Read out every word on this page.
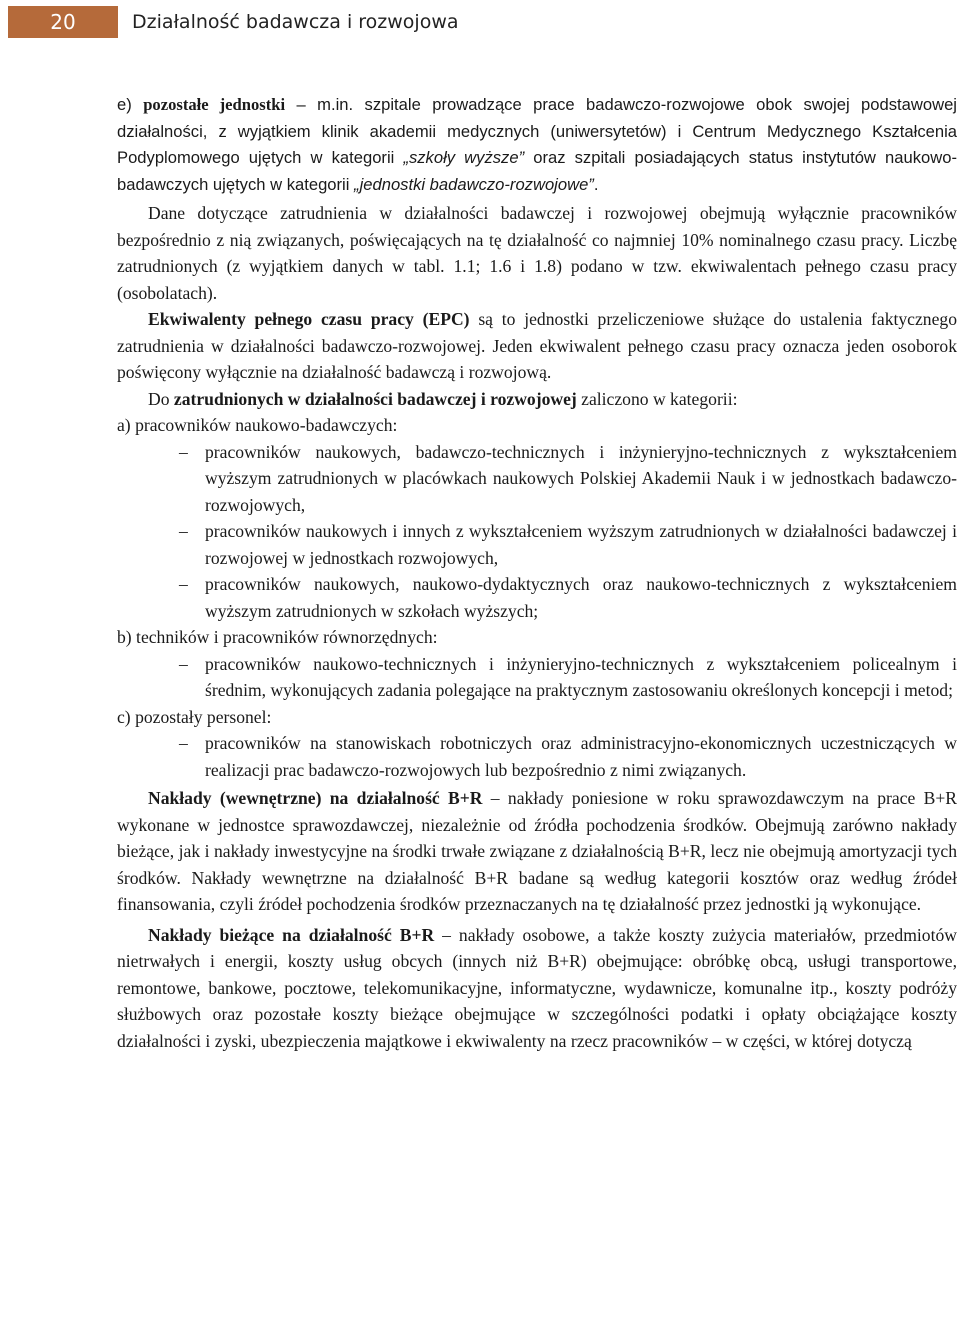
20	Działalność badawcza i rozwojowa

e) pozostałe jednostki – m.in. szpitale prowadzące prace badawczo-rozwojowe obok swojej podstawowej działalności, z wyjątkiem klinik akademii medycznych (uniwersytetów) i Centrum Medycznego Kształcenia Podyplomowego ujętych w kategorii „szkoły wyższe” oraz szpitali posiadających status instytutów naukowo-badawczych ujętych w kategorii „jednostki badawczo-rozwojowe”.

Dane dotyczące zatrudnienia w działalności badawczej i rozwojowej obejmują wyłącznie pracowników bezpośrednio z nią związanych, poświęcających na tę działalność co najmniej 10% nominalnego czasu pracy. Liczbę zatrudnionych (z wyjątkiem danych w tabl. 1.1; 1.6 i 1.8) podano w tzw. ekwiwalentach pełnego czasu pracy (osobolatach).

Ekwiwalenty pełnego czasu pracy (EPC) są to jednostki przeliczeniowe służące do ustalenia faktycznego zatrudnienia w działalności badawczo-rozwojowej. Jeden ekwiwalent pełnego czasu pracy oznacza jeden osoborok poświęcony wyłącznie na działalność badawczą i rozwojową.

Do zatrudnionych w działalności badawczej i rozwojowej zaliczono w kategorii:

a) pracowników naukowo-badawczych:

– pracowników naukowych, badawczo-technicznych i inżynieryjno-technicznych z wykształceniem wyższym zatrudnionych w placówkach naukowych Polskiej Akademii Nauk i w jednostkach badawczo-rozwojowych,

– pracowników naukowych i innych z wykształceniem wyższym zatrudnionych w działalności badawczej i rozwojowej w jednostkach rozwojowych,

– pracowników naukowych, naukowo-dydaktycznych oraz naukowo-technicznych z wykształceniem wyższym zatrudnionych w szkołach wyższych;

b) techników i pracowników równorzędnych:

– pracowników naukowo-technicznych i inżynieryjno-technicznych z wykształceniem policealnym i średnim, wykonujących zadania polegające na praktycznym zastosowaniu określonych koncepcji i metod;

c) pozostały personel:

– pracowników na stanowiskach robotniczych oraz administracyjno-ekonomicznych uczestniczących w realizacji prac badawczo-rozwojowych lub bezpośrednio z nimi związanych.

Nakłady (wewnętrzne) na działalność B+R – nakłady poniesione w roku sprawozdawczym na prace B+R wykonane w jednostce sprawozdawczej, niezależnie od źródła pochodzenia środków. Obejmują zarówno nakłady bieżące, jak i nakłady inwestycyjne na środki trwałe związane z działalnością B+R, lecz nie obejmują amortyzacji tych środków. Nakłady wewnętrzne na działalność B+R badane są według kategorii kosztów oraz według źródeł finansowania, czyli źródeł pochodzenia środków przeznaczanych na tę działalność przez jednostki ją wykonujące.

Nakłady bieżące na działalność B+R – nakłady osobowe, a także koszty zużycia materiałów, przedmiotów nietrwałych i energii, koszty usług obcych (innych niż B+R) obejmujące: obróbkę obcą, usługi transportowe, remontowe, bankowe, pocztowe, telekomunikacyjne, informatyczne, wydawnicze, komunalne itp., koszty podróży służbowych oraz pozostałe koszty bieżące obejmujące w szczególności podatki i opłaty obciążające koszty działalności i zyski, ubezpieczenia majątkowe i ekwiwalenty na rzecz pracowników – w części, w której dotyczą
